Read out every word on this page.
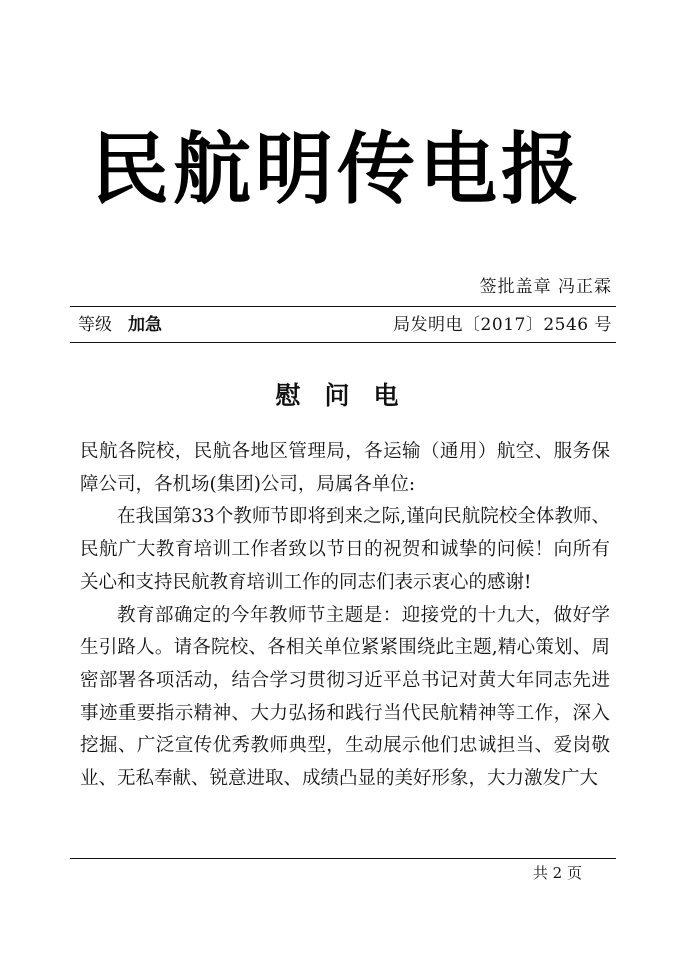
民航明传电报
签批盖章 冯正霖
等级 加急	局发明电〔2017〕2546 号
慰问电

民航各院校，民航各地区管理局，各运输（通用）航空、服务保障公司，各机场(集团)公司，局属各单位:

在我国第33个教师节即将到来之际,谨向民航院校全体教师、民航广大教育培训工作者致以节日的祝贺和诚挚的问候！向所有关心和支持民航教育培训工作的同志们表示衷心的感谢!

教育部确定的今年教师节主题是：迎接党的十九大，做好学生引路人。请各院校、各相关单位紧紧围绕此主题,精心策划、周密部署各项活动，结合学习贯彻习近平总书记对黄大年同志先进事迹重要指示精神、大力弘扬和践行当代民航精神等工作，深入挖掘、广泛宣传优秀教师典型，生动展示他们忠诚担当、爱岗敬业、无私奉献、锐意进取、成绩凸显的美好形象，大力激发广大

共 2 页
